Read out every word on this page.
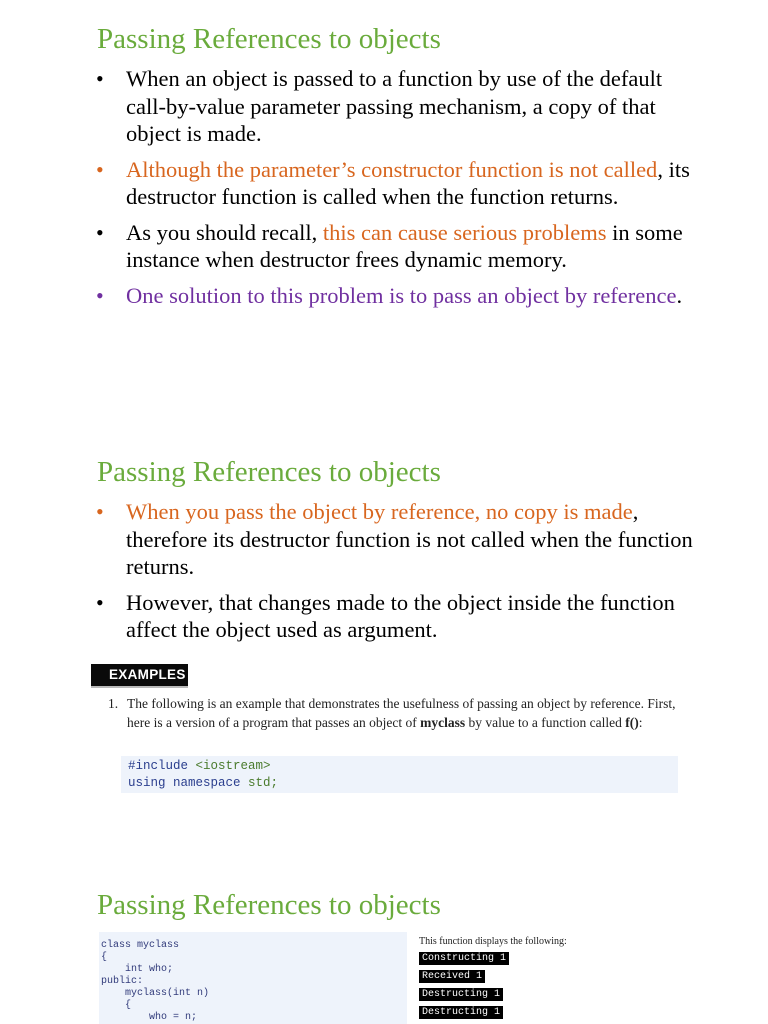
Passing References to objects
• When an object is passed to a function by use of the default call-by-value parameter passing mechanism, a copy of that object is made.
• Although the parameter’s constructor function is not called, its destructor function is called when the function returns.
• As you should recall, this can cause serious problems in some instance when destructor frees dynamic memory.
• One solution to this problem is to pass an object by reference.
Passing References to objects
• When you pass the object by reference, no copy is made, therefore its destructor function is not called when the function returns.
• However, that changes made to the object inside the function affect the object used as argument.
EXAMPLES
1. The following is an example that demonstrates the usefulness of passing an object by reference. First, here is a version of a program that passes an object of myclass by value to a function called f():
#include <iostream>
using namespace std;
Passing References to objects
class myclass
{
int who;
public:
myclass(int n)
{
who = n;
This function displays the following:
Constructing 1
Received 1
Destructing 1
Destructing 1
